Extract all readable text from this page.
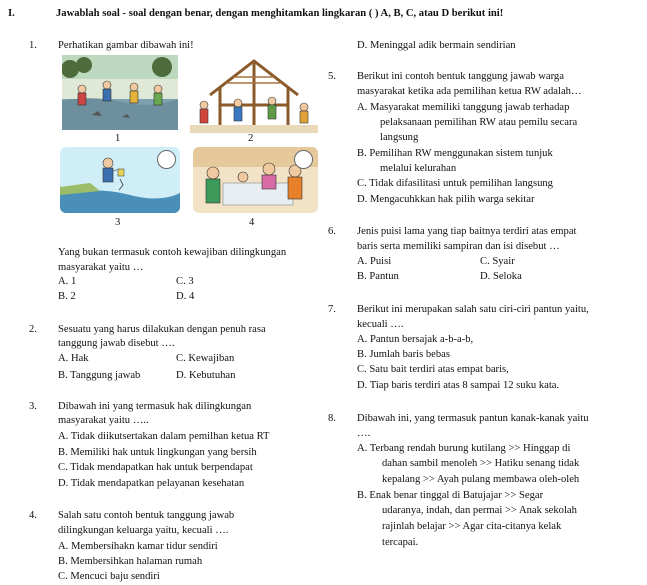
I.	Jawablah soal - soal dengan benar, dengan menghitamkan lingkaran ( ) A, B, C, atau D berikut ini!
1. Perhatikan gambar dibawah ini!
1	2
3	4
Yang bukan termasuk contoh kewajiban dilingkungan
masyarakat yaitu …
A. 1	C. 3
B. 2	D. 4
2. Sesuatu yang harus dilakukan dengan penuh rasa
tanggung jawab disebut ….
A. Hak	C. Kewajiban
B. Tanggung jawab	D. Kebutuhan
3. Dibawah ini yang termasuk hak dilingkungan
masyarakat yaitu …..
A. Tidak diikutsertakan dalam pemilhan ketua RT
B. Memiliki hak untuk lingkungan yang bersih
C. Tidak mendapatkan hak untuk berpendapat
D. Tidak mendapatkan pelayanan kesehatan
4. Salah satu contoh bentuk tanggung jawab
dilingkungan keluarga yaitu, kecuali ….
A. Membersihakn kamar tidur sendiri
B. Membersihkan halaman rumah
C. Mencuci baju sendiri
D. Meninggal adik bermain sendirian
5. Berikut ini contoh bentuk tanggung jawab warga
masyarakat ketika ada pemilihan ketua RW adalah…
A. Masyarakat memiliki tanggung jawab terhadap
pelaksanaan pemilihan RW atau pemilu secara
langsung
B. Pemilihan RW menggunakan sistem tunjuk
melalui kelurahan
C. Tidak difasilitasi untuk pemilihan langsung
D. Mengacuhkkan hak pilih warga sekitar
6. Jenis puisi lama yang tiap baitnya terdiri atas empat
baris serta memiliki sampiran dan isi disebut …
A. Puisi	C. Syair
B. Pantun	D. Seloka
7. Berikut ini merupakan salah satu ciri-ciri pantun yaitu,
kecuali ….
A. Pantun bersajak a-b-a-b,
B. Jumlah baris bebas
C. Satu bait terdiri atas empat baris,
D. Tiap baris terdiri atas 8 sampai 12 suku kata.
8. Dibawah ini, yang termasuk pantun kanak-kanak yaitu
….
A. Terbang rendah burung kutilang >> Hinggap di
dahan sambil menoleh >> Hatiku senang tidak
kepalang >> Ayah pulang membawa oleh-oleh
B. Enak benar tinggal di Batujajar >> Segar
udaranya, indah, dan permai >> Anak sekolah
rajinlah belajar >> Agar cita-citanya kelak
tercapai.
